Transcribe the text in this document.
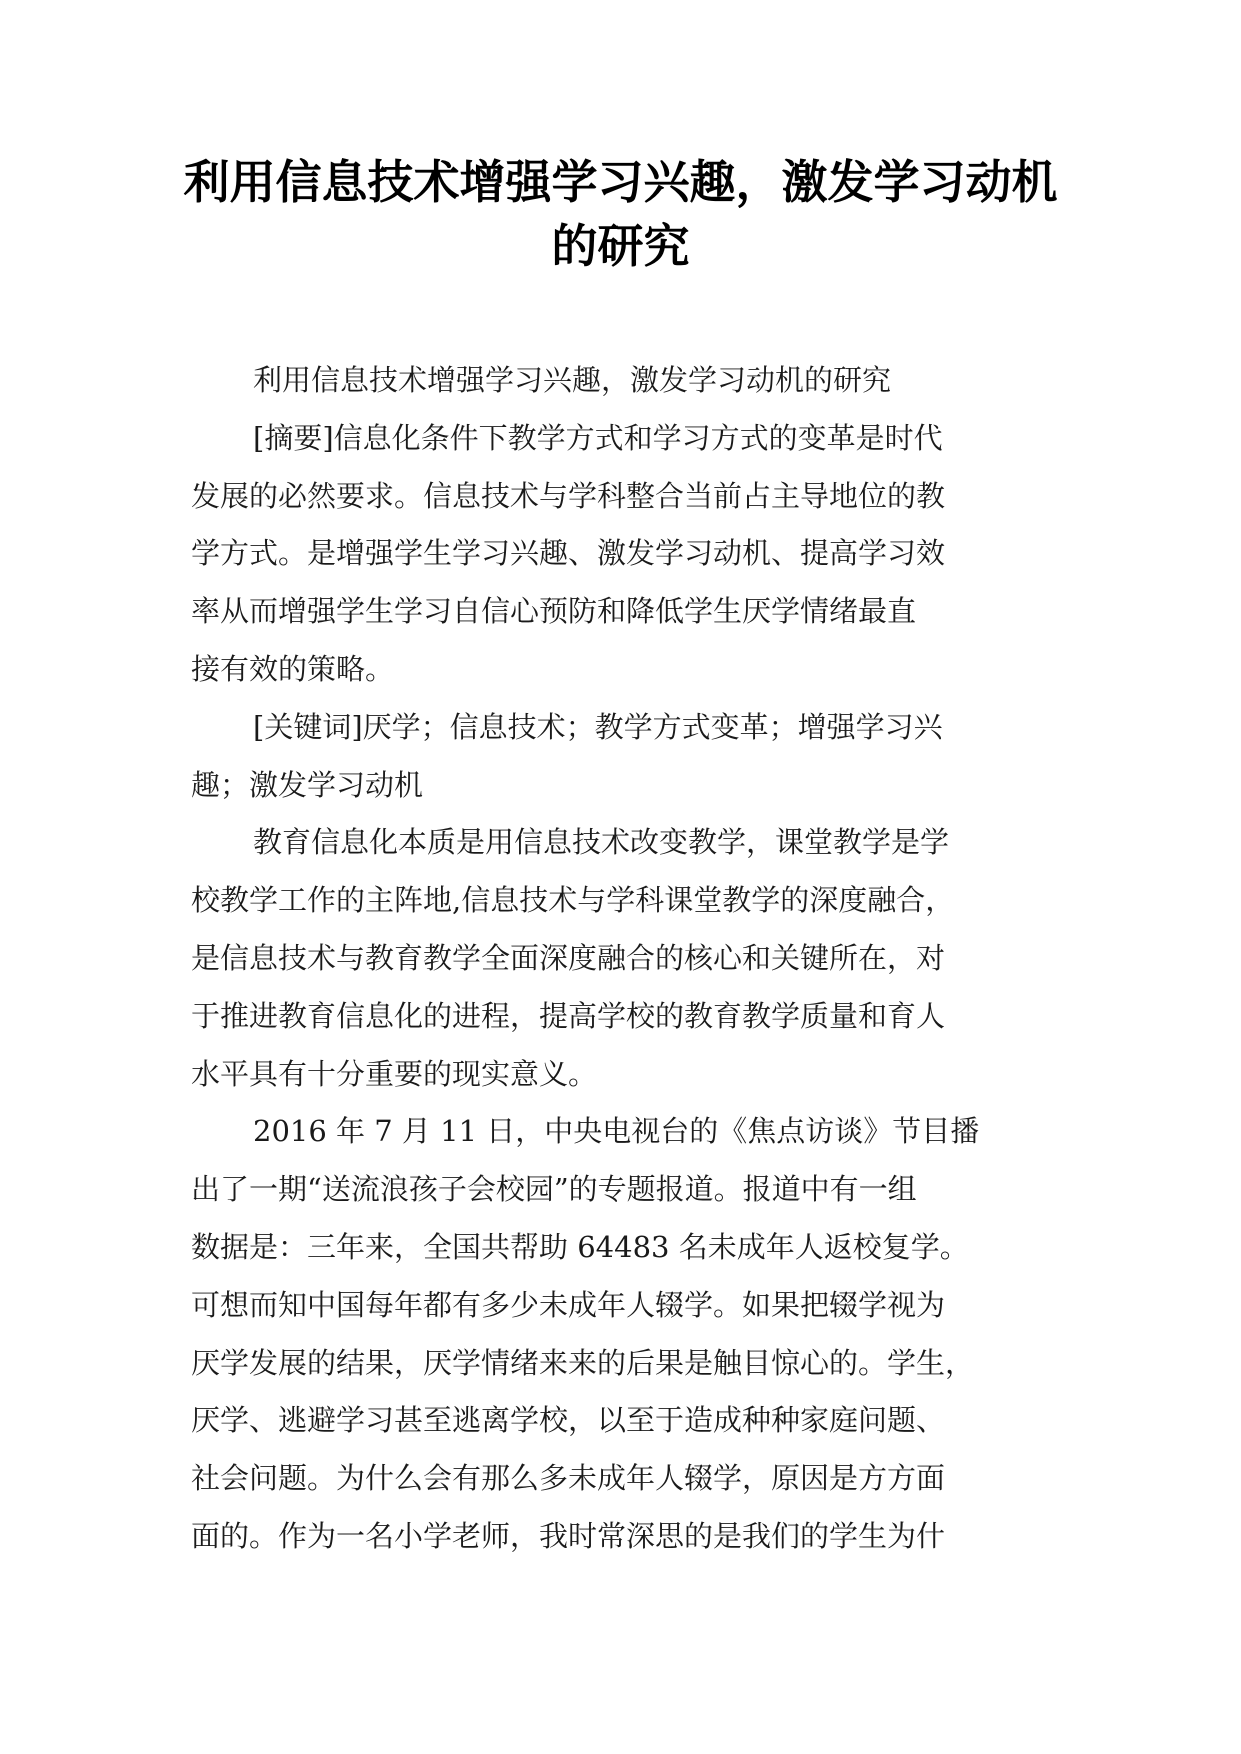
利用信息技术增强学习兴趣，激发学习动机
的研究
利用信息技术增强学习兴趣，激发学习动机的研究
[摘要]信息化条件下教学方式和学习方式的变革是时代
发展的必然要求。信息技术与学科整合当前占主导地位的教
学方式。是增强学生学习兴趣、激发学习动机、提高学习效
率从而增强学生学习自信心预防和降低学生厌学情绪最直
接有效的策略。
[关键词]厌学；信息技术；教学方式变革；增强学习兴
趣；激发学习动机
教育信息化本质是用信息技术改变教学，课堂教学是学
校教学工作的主阵地,信息技术与学科课堂教学的深度融合，
是信息技术与教育教学全面深度融合的核心和关键所在，对
于推进教育信息化的进程，提高学校的教育教学质量和育人
水平具有十分重要的现实意义。
2016 年 7 月 11 日，中央电视台的《焦点访谈》节目播
出了一期“送流浪孩子会校园”的专题报道。报道中有一组
数据是：三年来，全国共帮助 64483 名未成年人返校复学。
可想而知中国每年都有多少未成年人辍学。如果把辍学视为
厌学发展的结果，厌学情绪来来的后果是触目惊心的。学生，
厌学、逃避学习甚至逃离学校，以至于造成种种家庭问题、
社会问题。为什么会有那么多未成年人辍学，原因是方方面
面的。作为一名小学老师，我时常深思的是我们的学生为什
